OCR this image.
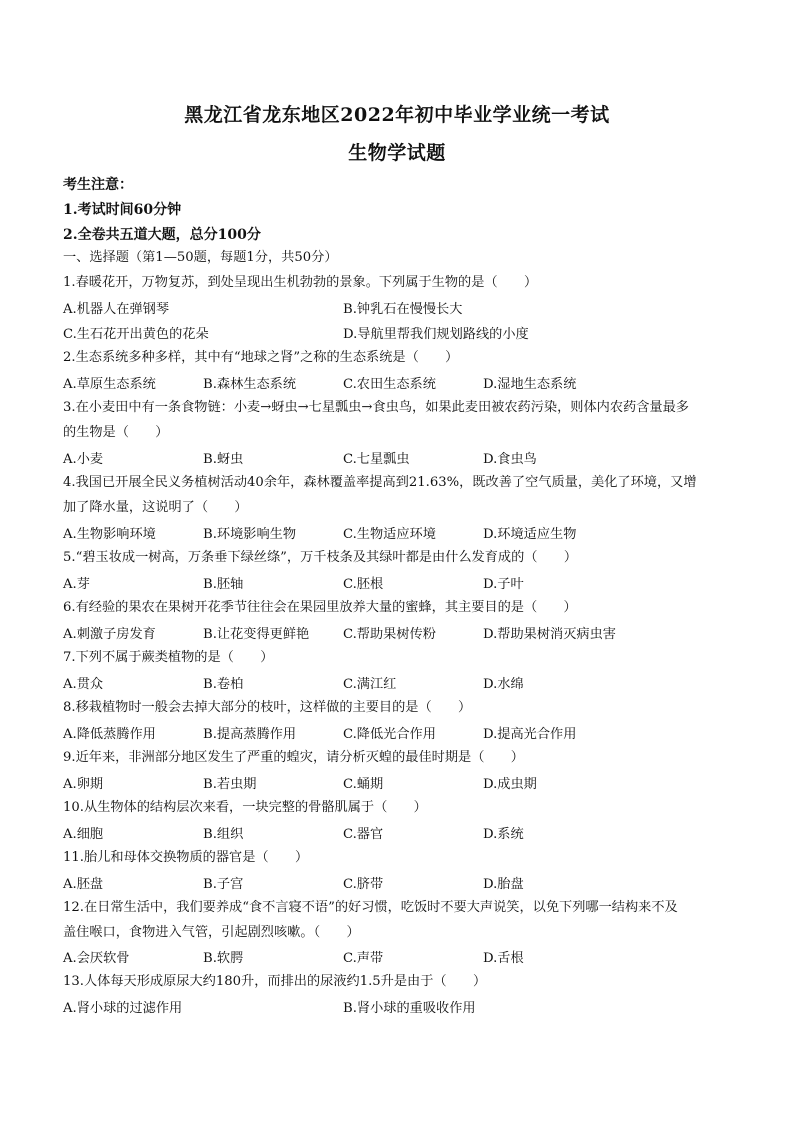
黑龙江省龙东地区2022年初中毕业学业统一考试
生物学试题
考生注意：
1.考试时间60分钟
2.全卷共五道大题，总分100分
一、选择题（第1—50题，每题1分，共50分）
1.春暖花开，万物复苏，到处呈现出生机勃勃的景象。下列属于生物的是（　　）
A.机器人在弹钢琴	B.钟乳石在慢慢长大
C.生石花开出黄色的花朵	D.导航里帮我们规划路线的小度
2.生态系统多种多样，其中有“地球之肾”之称的生态系统是（　　）
A.草原生态系统	B.森林生态系统	C.农田生态系统	D.湿地生态系统
3.在小麦田中有一条食物链：小麦→蚜虫→七星瓢虫→食虫鸟，如果此麦田被农药污染，则体内农药含量最多
的生物是（　　）
A.小麦	B.蚜虫	C.七星瓢虫	D.食虫鸟
4.我国已开展全民义务植树活动40余年，森林覆盖率提高到21.63%，既改善了空气质量，美化了环境，又增
加了降水量，这说明了（　　）
A.生物影响环境	B.环境影响生物	C.生物适应环境	D.环境适应生物
5.“碧玉妆成一树高，万条垂下绿丝绦”，万千枝条及其绿叶都是由什么发育成的（　　）
A.芽	B.胚轴	C.胚根	D.子叶
6.有经验的果农在果树开花季节往往会在果园里放养大量的蜜蜂，其主要目的是（　　）
A.刺激子房发育	B.让花变得更鲜艳	C.帮助果树传粉	D.帮助果树消灭病虫害
7.下列不属于蕨类植物的是（　　）
A.贯众	B.卷柏	C.满江红	D.水绵
8.移栽植物时一般会去掉大部分的枝叶，这样做的主要目的是（　　）
A.降低蒸腾作用	B.提高蒸腾作用	C.降低光合作用	D.提高光合作用
9.近年来，非洲部分地区发生了严重的蝗灾，请分析灭蝗的最佳时期是（　　）
A.卵期	B.若虫期	C.蛹期	D.成虫期
10.从生物体的结构层次来看，一块完整的骨骼肌属于（　　）
A.细胞	B.组织	C.器官	D.系统
11.胎儿和母体交换物质的器官是（　　）
A.胚盘	B.子宫	C.脐带	D.胎盘
12.在日常生活中，我们要养成“食不言寝不语”的好习惯，吃饭时不要大声说笑，以免下列哪一结构来不及
盖住喉口，食物进入气管，引起剧烈咳嗽。（　　）
A.会厌软骨	B.软腭	C.声带	D.舌根
13.人体每天形成原尿大约180升，而排出的尿液约1.5升是由于（　　）
A.肾小球的过滤作用	B.肾小球的重吸收作用
